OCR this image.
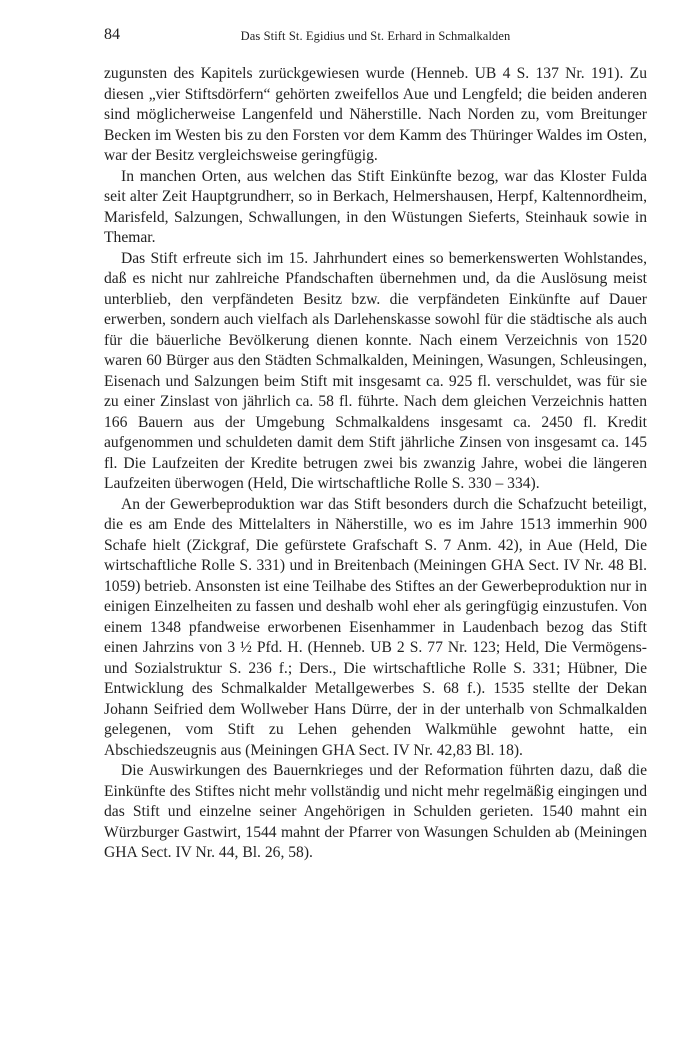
84	Das Stift St. Egidius und St. Erhard in Schmalkalden

zugunsten des Kapitels zurückgewiesen wurde (Henneb. UB 4 S. 137 Nr. 191). Zu diesen „vier Stiftsdörfern“ gehörten zweifellos Aue und Lengfeld; die beiden anderen sind möglicherweise Langenfeld und Näherstille. Nach Norden zu, vom Breitunger Becken im Westen bis zu den Forsten vor dem Kamm des Thüringer Waldes im Osten, war der Besitz vergleichsweise geringfügig.

In manchen Orten, aus welchen das Stift Einkünfte bezog, war das Kloster Fulda seit alter Zeit Hauptgrundherr, so in Berkach, Helmershausen, Herpf, Kaltennordheim, Marisfeld, Salzungen, Schwallungen, in den Wüstungen Sieferts, Steinhauk sowie in Themar.

Das Stift erfreute sich im 15. Jahrhundert eines so bemerkenswerten Wohlstandes, daß es nicht nur zahlreiche Pfandschaften übernehmen und, da die Auslösung meist unterblieb, den verpfändeten Besitz bzw. die verpfändeten Einkünfte auf Dauer erwerben, sondern auch vielfach als Darlehenskasse sowohl für die städtische als auch für die bäuerliche Bevölkerung dienen konnte. Nach einem Verzeichnis von 1520 waren 60 Bürger aus den Städten Schmalkalden, Meiningen, Wasungen, Schleusingen, Eisenach und Salzungen beim Stift mit insgesamt ca. 925 fl. verschuldet, was für sie zu einer Zinslast von jährlich ca. 58 fl. führte. Nach dem gleichen Verzeichnis hatten 166 Bauern aus der Umgebung Schmalkaldens insgesamt ca. 2450 fl. Kredit aufgenommen und schuldeten damit dem Stift jährliche Zinsen von insgesamt ca. 145 fl. Die Laufzeiten der Kredite betrugen zwei bis zwanzig Jahre, wobei die längeren Laufzeiten überwogen (Held, Die wirtschaftliche Rolle S. 330 – 334).

An der Gewerbeproduktion war das Stift besonders durch die Schafzucht beteiligt, die es am Ende des Mittelalters in Näherstille, wo es im Jahre 1513 immerhin 900 Schafe hielt (Zickgraf, Die gefürstete Grafschaft S. 7 Anm. 42), in Aue (Held, Die wirtschaftliche Rolle S. 331) und in Breitenbach (Meiningen GHA Sect. IV Nr. 48 Bl. 1059) betrieb. Ansonsten ist eine Teilhabe des Stiftes an der Gewerbeproduktion nur in einigen Einzelheiten zu fassen und deshalb wohl eher als geringfügig einzustufen. Von einem 1348 pfandweise erworbenen Eisenhammer in Laudenbach bezog das Stift einen Jahrzins von 3 ½ Pfd. H. (Henneb. UB 2 S. 77 Nr. 123; Held, Die Vermögens- und Sozialstruktur S. 236 f.; Ders., Die wirtschaftliche Rolle S. 331; Hübner, Die Entwicklung des Schmalkalder Metallgewerbes S. 68 f.). 1535 stellte der Dekan Johann Seifried dem Wollweber Hans Dürre, der in der unterhalb von Schmalkalden gelegenen, vom Stift zu Lehen gehenden Walkmühle gewohnt hatte, ein Abschiedszeugnis aus (Meiningen GHA Sect. IV Nr. 42,83 Bl. 18).

Die Auswirkungen des Bauernkrieges und der Reformation führten dazu, daß die Einkünfte des Stiftes nicht mehr vollständig und nicht mehr regelmäßig eingingen und das Stift und einzelne seiner Angehörigen in Schulden gerieten. 1540 mahnt ein Würzburger Gastwirt, 1544 mahnt der Pfarrer von Wasungen Schulden ab (Meiningen GHA Sect. IV Nr. 44, Bl. 26, 58).
